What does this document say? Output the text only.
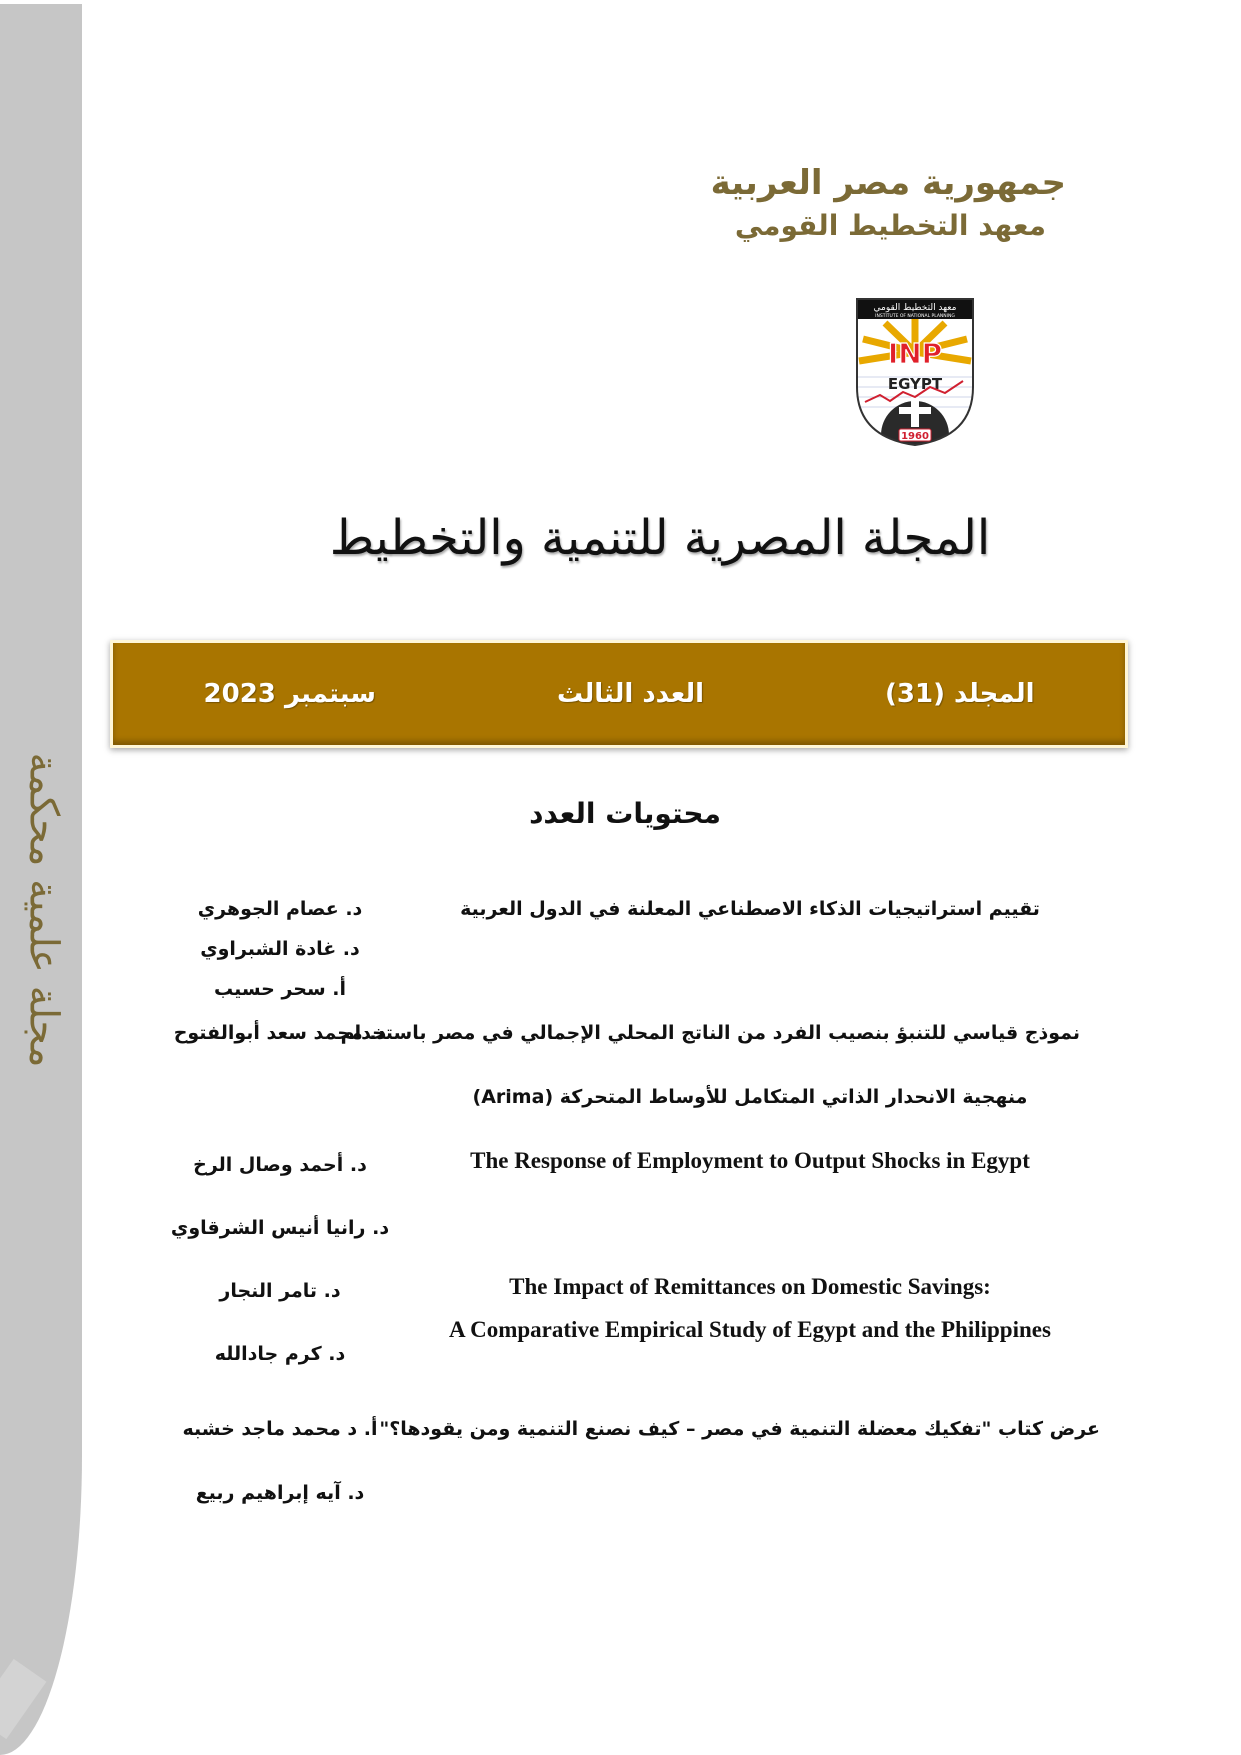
مجلة علمية محكمة
جمهورية مصر العربية
معهد التخطيط القومي
معهد التخطيط القومي
INSTITUTE OF NATIONAL PLANNING
INP
EGYPT
1960
المجلة المصرية للتنمية والتخطيط
المجلد (31)
العدد الثالث
سبتمبر 2023
محتويات العدد
تقييم استراتيجيات الذكاء الاصطناعي المعلنة في الدول العربية
د. عصام الجوهري
د. غادة الشبراوي
أ. سحر حسيب
نموذج قياسي للتنبؤ بنصيب الفرد من الناتج المحلي الإجمالي في مصر باستخدام
منهجية الانحدار الذاتي المتكامل للأوساط المتحركة (Arima)
د. محمد سعد أبوالفتوح
The Response of Employment to Output Shocks in Egypt
د. أحمد وصال الرخ
د. رانيا أنيس الشرقاوي
The Impact of Remittances on Domestic Savings:
A Comparative Empirical Study of Egypt and the Philippines
د. تامر النجار
د. كرم جادالله
عرض كتاب "تفكيك معضلة التنمية في مصر – كيف نصنع التنمية ومن يقودها؟"
أ. د محمد ماجد خشبه
د. آيه إبراهيم ربيع
